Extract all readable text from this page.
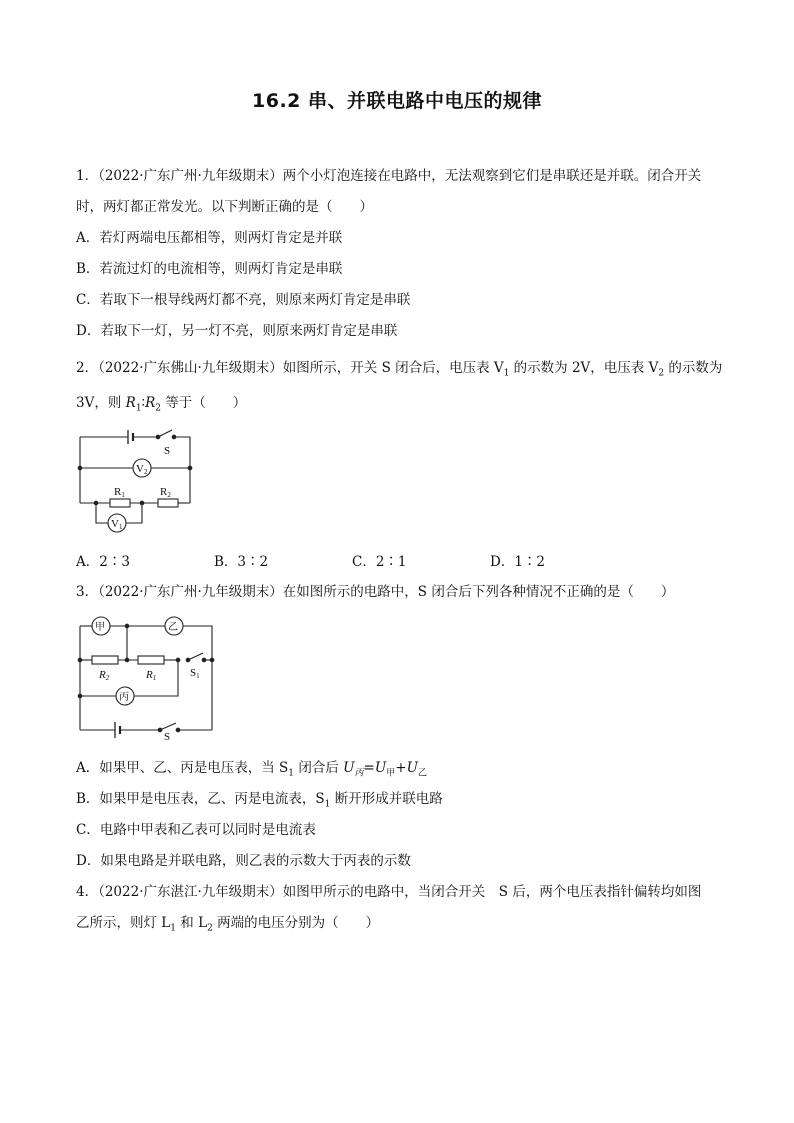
16.2 串、并联电路中电压的规律
1．（2022·广东广州·九年级期末）两个小灯泡连接在电路中，无法观察到它们是串联还是并联。闭合开关
时，两灯都正常发光。以下判断正确的是（　　）
A．若灯两端电压都相等，则两灯肯定是并联
B．若流过灯的电流相等，则两灯肯定是串联
C．若取下一根导线两灯都不亮，则原来两灯肯定是串联
D．若取下一灯，另一灯不亮，则原来两灯肯定是串联
2．（2022·广东佛山·九年级期末）如图所示，开关 S 闭合后，电压表 $V_1$ 的示数为 2V，电压表 $V_2$ 的示数为
3V，则 $R_1∶R_2$ 等于（　　）
S
V2
R1	R2
V1
A．2∶3	B．3∶2	C．2∶1	D．1∶2
3．（2022·广东广州·九年级期末）在如图所示的电路中，S 闭合后下列各种情况不正确的是（　　）
甲	乙
丙
R2	R1	S1
S
A．如果甲、乙、丙是电压表，当 $S_1$ 闭合后 $U_丙=U_甲+U_乙$
B．如果甲是电压表，乙、丙是电流表，$S_1$ 断开形成并联电路
C．电路中甲表和乙表可以同时是电流表
D．如果电路是并联电路，则乙表的示数大于丙表的示数
4．（2022·广东湛江·九年级期末）如图甲所示的电路中，当闭合开关　S 后，两个电压表指针偏转均如图
乙所示，则灯 $L_1$ 和 $L_2$ 两端的电压分别为（　　）
